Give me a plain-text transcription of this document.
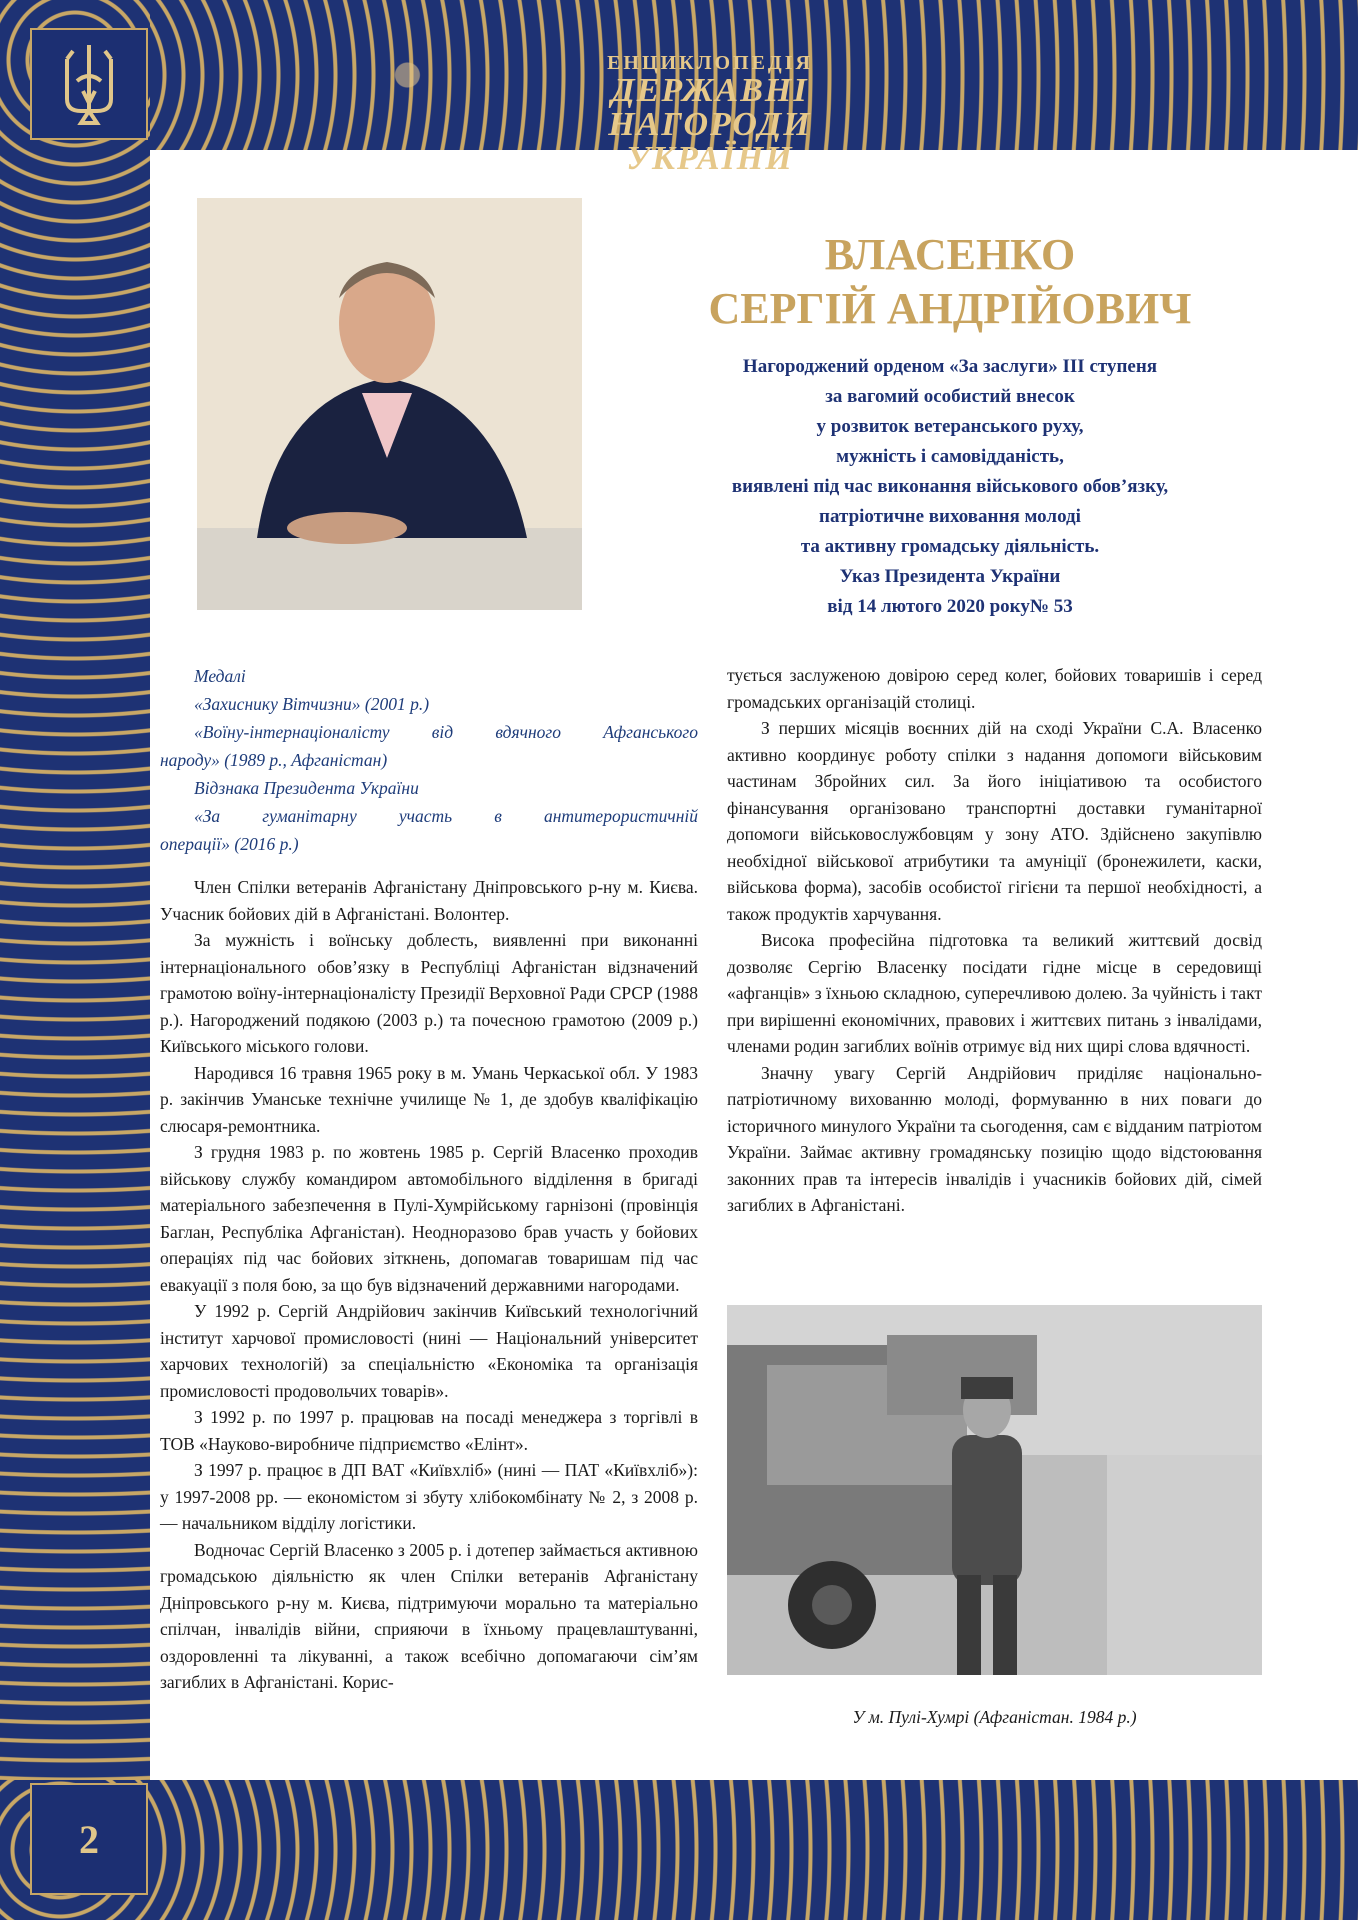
ЕНЦИКЛОПЕДІЯ
ДЕРЖАВНІ НАГОРОДИ
УКРАЇНИ
ВЛАСЕНКО
СЕРГІЙ АНДРІЙОВИЧ
Нагороджений орденом «За заслуги» ІІІ ступеня
за вагомий особистий внесок
у розвиток ветеранського руху,
мужність і самовідданість,
виявлені під час виконання військового обов’язку,
патріотичне виховання молоді
та активну громадську діяльність.
Указ Президента України
від 14 лютого 2020 року№ 53

Медалі

«Захиснику Вітчизни» (2001 р.)

«Воїну-інтернаціоналісту від вдячного Афганського

народу» (1989 р., Афганістан)

Відзнака Президента України

«За гуманітарну участь в антитерористичній

операції» (2016 р.)

Член Спілки ветеранів Афганістану Дніпровського р-ну м. Києва. Учасник бойових дій в Афганістані. Волонтер.

За мужність і воїнську доблесть, виявленні при виконанні інтернаціонального обов’язку в Республіці Афганістан відзначений грамотою воїну-інтернаціоналісту Президії Верховної Ради СРСР (1988 р.). Нагороджений подякою (2003 р.) та почесною грамотою (2009 р.) Київського міського голови.

Народився 16 травня 1965 року в м. Умань Черкаської обл. У 1983 р. закінчив Уманське технічне училище № 1, де здобув кваліфікацію слюсаря-ремонтника.

З грудня 1983 р. по жовтень 1985 р. Сергій Власенко проходив військову службу командиром автомобільного відділення в бригаді матеріального забезпечення в Пулі-Хумрійському гарнізоні (провінція Баглан, Республіка Афганістан). Неодноразово брав участь у бойових операціях під час бойових зіткнень, допомагав товаришам під час евакуації з поля бою, за що був відзначений державними нагородами.

У 1992 р. Сергій Андрійович закінчив Київський технологічний інститут харчової промисловості (нині — Національний університет харчових технологій) за спеціальністю «Економіка та організація промисловості продовольчих товарів».

З 1992 р. по 1997 р. працював на посаді менеджера з торгівлі в ТОВ «Науково-виробниче підприємство «Елінт».

З 1997 р. працює в ДП ВАТ «Київхліб» (нині — ПАТ «Київхліб»): у 1997-2008 рр. — економістом зі збуту хлібокомбінату № 2, з 2008 р. — начальником відділу логістики.

Водночас Сергій Власенко з 2005 р. і дотепер займається активною громадською діяльністю як член Спілки ветеранів Афганістану Дніпровського р-ну м. Києва, підтримуючи морально та матеріально спілчан, інвалідів війни, сприяючи в їхньому працевлаштуванні, оздоровленні та лікуванні, а також всебічно допомагаючи сім’ям загиблих в Афганістані. Корис-

тується заслуженою довірою серед колег, бойових товаришів і серед громадських організацій столиці.

З перших місяців воєнних дій на сході України С.А. Власенко активно координує роботу спілки з надання допомоги військовим частинам Збройних сил. За його ініціативою та особистого фінансування організовано транспортні доставки гуманітарної допомоги військовослужбовцям у зону АТО. Здійснено закупівлю необхідної військової атрибутики та амуніції (бронежилети, каски, військова форма), засобів особистої гігієни та першої необхідності, а також продуктів харчування.

Висока професійна підготовка та великий життєвий досвід дозволяє Сергію Власенку посідати гідне місце в середовищі «афганців» з їхньою складною, суперечливою долею. За чуйність і такт при вирішенні економічних, правових і життєвих питань з інвалідами, членами родин загиблих воїнів отримує від них щирі слова вдячності.

Значну увагу Сергій Андрійович приділяє національно-патріотичному вихованню молоді, формуванню в них поваги до історичного минулого України та сьогодення, сам є відданим патріотом України. Займає активну громадянську позицію щодо відстоювання законних прав та інтересів інвалідів і учасників бойових дій, сімей загиблих в Афганістані.

У м. Пулі-Хумрі (Афганістан. 1984 р.)
2
